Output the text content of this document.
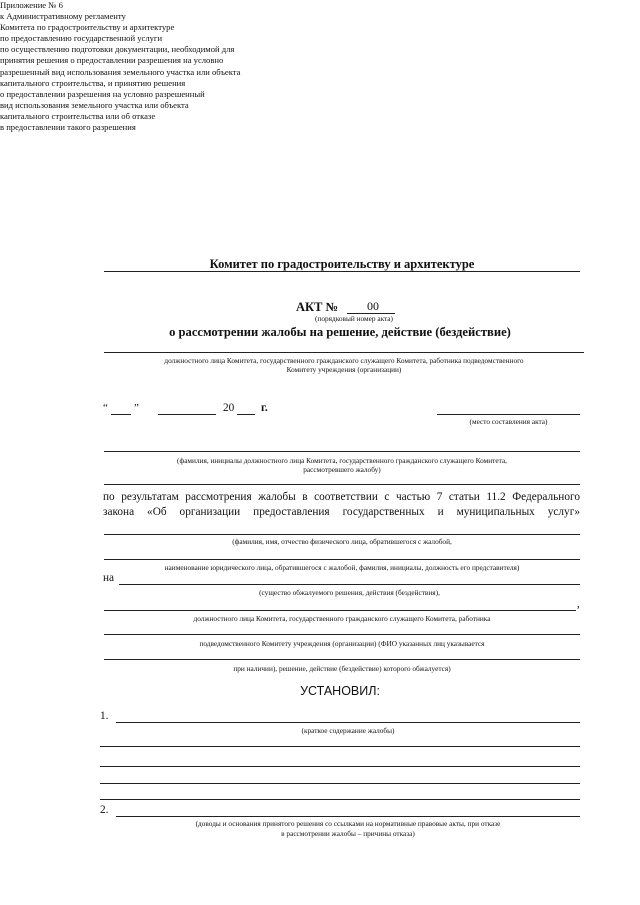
Приложение № 6
к Административному регламенту
Комитета по градостроительству и архитектуре
по предоставлению государственной услуги
по осуществлению подготовки документации, необходимой для
принятия решения о предоставлении разрешения на условно
разрешенный вид использования земельного участка или объекта
капитального строительства, и принятию решения
о предоставлении разрешения на условно разрешенный
вид использования земельного участка или объекта
капитального строительства или об отказе
в предоставлении такого разрешения
Комитет по градостроительству и архитектуре
АКТ №	00
(порядковый номер акта)
о рассмотрении жалобы на решение, действие (бездействие)
должностного лица Комитета, государственного гражданского служащего Комитета, работника подведомственного
Комитету учреждения (организации)
“ ”	20 г.
(место составления акта)
(фамилия, инициалы должностного лица Комитета, государственного гражданского служащего Комитета,
рассмотревшего жалобу)
по результатам рассмотрения жалобы в соответствии с частью 7 статьи 11.2 Федерального
закона «Об организации предоставления государственных и муниципальных услуг»
(фамилия, имя, отчество физического лица, обратившегося с жалобой,
наименование юридического лица, обратившегося с жалобой, фамилия, инициалы, должность его представителя)
на
(существо обжалуемого решения, действия (бездействия),
,
должностного лица Комитета, государственного гражданского служащего Комитета, работника
подведомственного Комитету учреждения (организации) (ФИО указанных лиц указывается
при наличии), решение, действие (бездействие) которого обжалуется)
УСТАНОВИЛ:
1.
(краткое содержание жалобы)
2.
(доводы и основания принятого решения со ссылками на нормативные правовые акты, при отказе
в рассмотрении жалобы – причины отказа)
